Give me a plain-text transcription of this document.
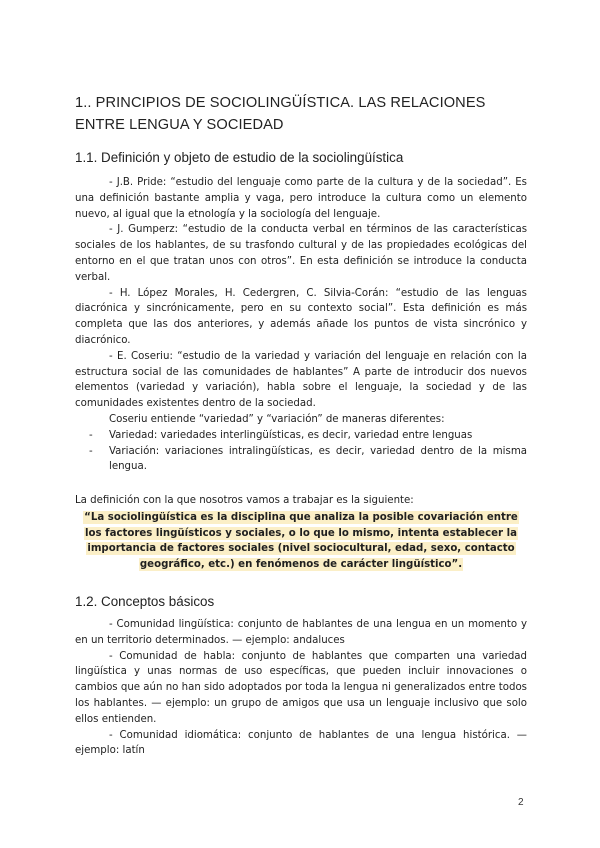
1.. PRINCIPIOS DE SOCIOLINGÜÍSTICA. LAS RELACIONES ENTRE LENGUA Y SOCIEDAD
1.1. Definición y objeto de estudio de la sociolingüística

- J.B. Pride: “estudio del lenguaje como parte de la cultura y de la sociedad”. Es una definición bastante amplia y vaga, pero introduce la cultura como un elemento nuevo, al igual que la etnología y la sociología del lenguaje.

- J. Gumperz: “estudio de la conducta verbal en términos de las características sociales de los hablantes, de su trasfondo cultural y de las propiedades ecológicas del entorno en el que tratan unos con otros”. En esta definición se introduce la conducta verbal.

- H. López Morales, H. Cedergren, C. Silvia-Corán: “estudio de las lenguas diacrónica y sincrónicamente, pero en su contexto social”. Esta definición es más completa que las dos anteriores, y además añade los puntos de vista sincrónico y diacrónico.

- E. Coseriu: “estudio de la variedad y variación del lenguaje en relación con la estructura social de las comunidades de hablantes” A parte de introducir dos nuevos elementos (variedad y variación), habla sobre el lenguaje, la sociedad y de las comunidades existentes dentro de la sociedad.

Coseriu entiende “variedad” y “variación” de maneras diferentes:

- Variedad: variedades interlingüísticas, es decir, variedad entre lenguas
- Variación: variaciones intralingüísticas, es decir, variedad dentro de la misma lengua.

La definición con la que nosotros vamos a trabajar es la siguiente:

“La sociolingüística es la disciplina que analiza la posible covariación entre los factores lingüísticos y sociales, o lo que lo mismo, intenta establecer la importancia de factores sociales (nivel sociocultural, edad, sexo, contacto geográfico, etc.) en fenómenos de carácter lingüístico”.
1.2. Conceptos básicos

- Comunidad lingüística: conjunto de hablantes de una lengua en un momento y en un territorio determinados. — ejemplo: andaluces

- Comunidad de habla: conjunto de hablantes que comparten una variedad lingüística y unas normas de uso específicas, que pueden incluir innovaciones o cambios que aún no han sido adoptados por toda la lengua ni generalizados entre todos los hablantes. — ejemplo: un grupo de amigos que usa un lenguaje inclusivo que solo ellos entienden.

- Comunidad idiomática: conjunto de hablantes de una lengua histórica. — ejemplo: latín

2
